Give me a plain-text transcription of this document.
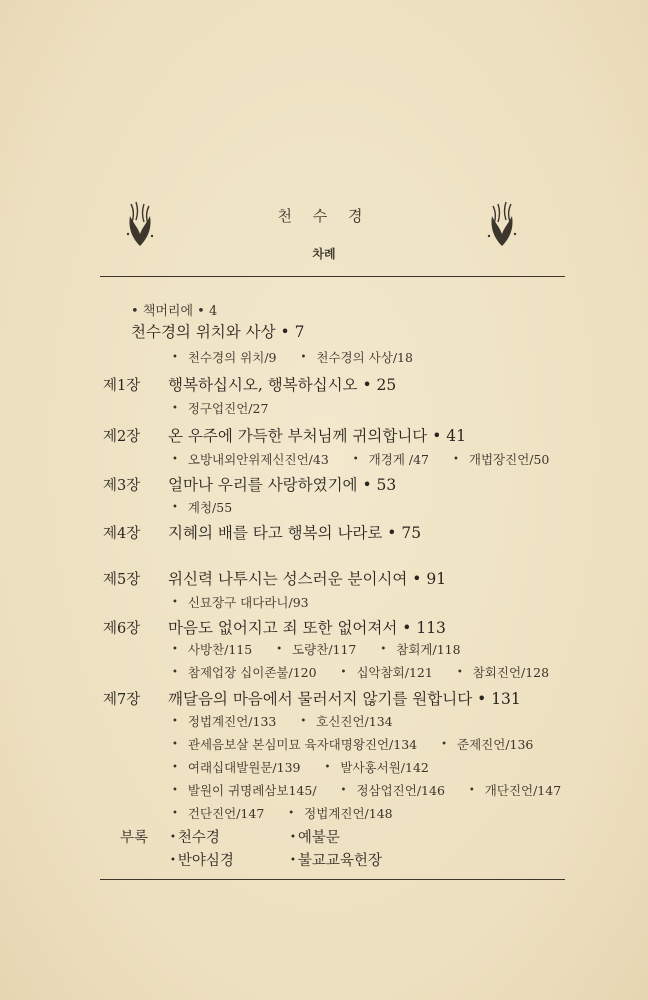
천 수 경
차례
• 책머리에 • 4
천수경의 위치와 사상 • 7
• 천수경의 위치/9 • 천수경의 사상/18
제1장	행복하십시오, 행복하십시오 • 25
• 정구업진언/27
제2장	온 우주에 가득한 부처님께 귀의합니다 • 41
• 오방내외안위제신진언/43 • 개경게 /47 • 개법장진언/50
제3장	얼마나 우리를 사랑하였기에 • 53
• 계청/55
제4장	지혜의 배를 타고 행복의 나라로 • 75
제5장	위신력 나투시는 성스러운 분이시여 • 91
• 신묘장구 대다라니/93
제6장	마음도 없어지고 죄 또한 없어져서 • 113
• 사방찬/115 • 도량찬/117 • 참회게/118
• 참제업장 십이존불/120 • 십악참회/121 • 참회진언/128
제7장	깨달음의 마음에서 물러서지 않기를 원합니다 • 131
• 정법계진언/133 • 호신진언/134
• 관세음보살 본심미묘 육자대명왕진언/134 • 준제진언/136
• 여래십대발원문/139 • 발사홍서원/142
• 발원이 귀명례삼보145/ • 정삼업진언/146 • 개단진언/147
• 건단진언/147 • 정법계진언/148
부록 • 천수경	• 예불문
• 반야심경	• 불교교육헌장
